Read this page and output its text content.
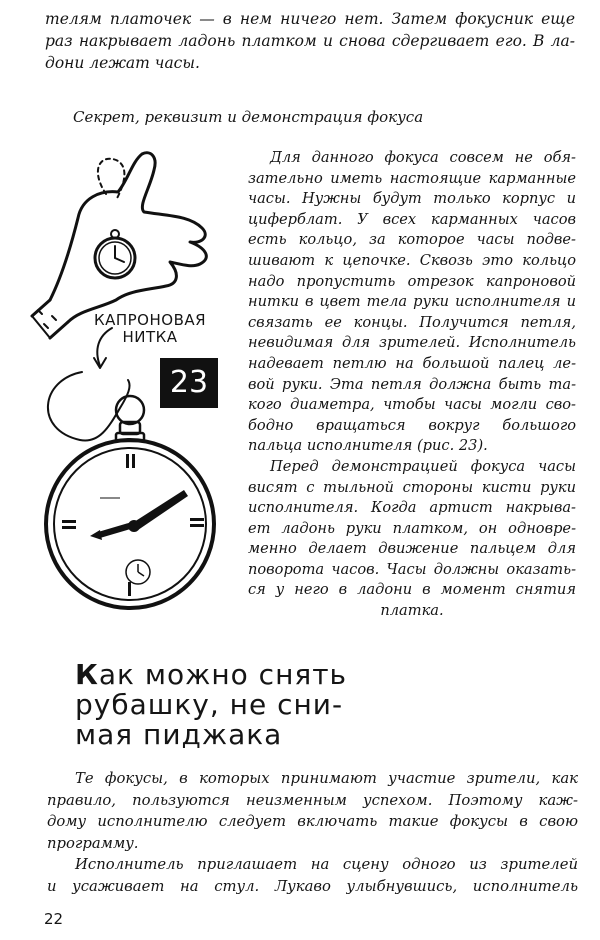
телям платочек — в нем ничего нет. Затем фокусник еще
раз накрывает ладонь платком и снова сдергивает его. В ла-
дони лежат часы.
Секрет, реквизит и демонстрация фокуса
КАПРОНОВАЯ
НИТКА
23
Для данного фокуса совсем не обя-
зательно иметь настоящие карманные
часы. Нужны будут только корпус и
циферблат. У всех карманных часов
есть кольцо, за которое часы подве-
шивают к цепочке. Сквозь это кольцо
надо пропустить отрезок капроновой
нитки в цвет тела руки исполнителя и
связать ее концы. Получится петля,
невидимая для зрителей. Исполнитель
надевает петлю на большой палец ле-
вой руки. Эта петля должна быть та-
кого диаметра, чтобы часы могли сво-
бодно вращаться вокруг большого
пальца исполнителя (рис. 23).
Перед демонстрацией фокуса часы
висят с тыльной стороны кисти руки
исполнителя. Когда артист накрыва-
ет ладонь руки платком, он одновре-
менно делает движение пальцем для
поворота часов. Часы должны оказать-
ся у него в ладони в момент снятия
платка.
Как можно снять
рубашку, не сни-
мая пиджака
Те фокусы, в которых принимают участие зрители, как
правило, пользуются неизменным успехом. Поэтому каж-
дому исполнителю следует включать такие фокусы в свою
программу.
Исполнитель приглашает на сцену одного из зрителей
и усаживает на стул. Лукаво улыбнувшись, исполнитель
22
